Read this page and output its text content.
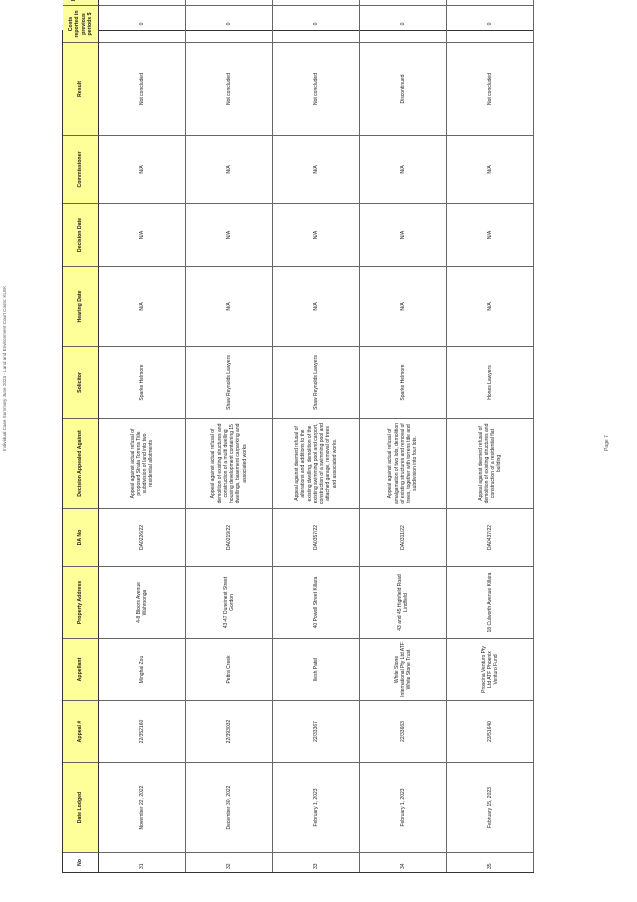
Individual Case Summary June 2023 - Land and Environment Court Costs: KLEK	Page 7
No
Date Lodged
Appeal #
Appellant
Property Address
DA No
Decision Appealed Against
Solicitor
Hearing Date
Decision Date
Commissioner
Result
Costs reported in previous periods $
31
November 22, 2022
22/352160
Minghai Zou
4-8 Bloors Avenue Wahroonga
DA0226/22
Appeal against actual refusal of proposed Strata Torrens Title subdivision of land into two residential allotments
Sparke Helmore
N/A
N/A
N/A
Not concluded
0
32
December 30, 2022
22/393032
Pettra Creek
43-47 Duneinest Street Gordon
DA0219/22
Appeal against actual refusal of demolition of existing structures and construction of a multi dwelling housing development containing 15 dwellings, basement carparking and associated works
Shaw Reynolds Lawyers
N/A
N/A
N/A
Not concluded
0
33
February 1, 2023
22/33367
Ilesh Patel
40 Powell Street Killara
DA0357/22
Appeal against deemed refusal of alterations and additions to the existing dwelling, demolition of the existing swimming pool and carport, construction of a swimming pool and attached garage, removal of trees and associated works.
Shaw Reynolds Lawyers
N/A
N/A
N/A
Not concluded
0
34
February 1, 2023
22/33663
White Stone International Pty Ltd ATF White Stone Trust
43 and 45 Highfield Road Lindfield
DA0311/22
Appeal against actual refusal of amalgamation of two lots, demolition of existing structures and removal of trees, together with torrens title and subdivision into four lots.
Sparke Helmore
N/A
N/A
N/A
Discontinued
0
35
February 15, 2023
23/51640
Proscina Venturo Pty Ltd ATF Phoenix Venturo Fund
18 Culworth Avenue Killara
DA0437/22
Appeal against deemed refusal of demolition of existing structures and construction of a residential flat building
Hones Lawyers
N/A
N/A
N/A
Not concluded
0
